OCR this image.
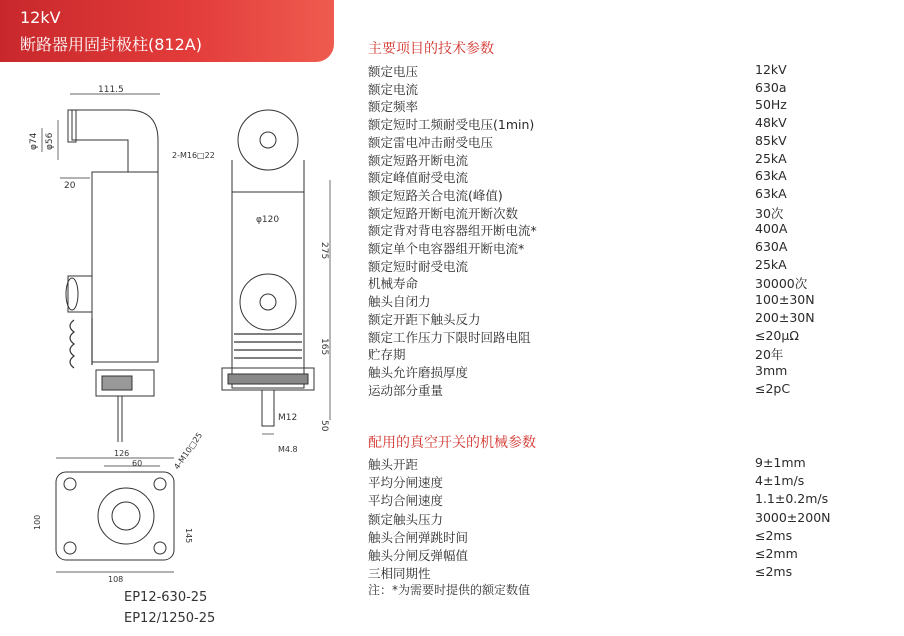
12kV
断路器用固封极柱(812A)
111.5
φ74 φ56
20
2-M16□22
φ120
275
165
M12
50
M4.8
126
60	4-M10□25
100
145
108
EP12-630-25
EP12/1250-25
主要项目的技术参数
额定电压	12kV
额定电流	630a
额定频率	50Hz
额定短时工频耐受电压(1min)	48kV
额定雷电冲击耐受电压	85kV
额定短路开断电流	25kA
额定峰值耐受电流	63kA
额定短路关合电流(峰值)	63kA
额定短路开断电流开断次数	30次
额定背对背电容器组开断电流*	400A
额定单个电容器组开断电流*	630A
额定短时耐受电流	25kA
机械寿命	30000次
触头自闭力	100±30N
额定开距下触头反力	200±30N
额定工作压力下限时回路电阻	≤20μΩ
贮存期	20年
触头允许磨损厚度	3mm
运动部分重量	≤2pC
配用的真空开关的机械参数
触头开距	9±1mm
平均分闸速度	4±1m/s
平均合闸速度	1.1±0.2m/s
额定触头压力	3000±200N
触头合闸弹跳时间	≤2ms
触头分闸反弹幅值	≤2mm
三相同期性	≤2ms
注：*为需要时提供的额定数值
